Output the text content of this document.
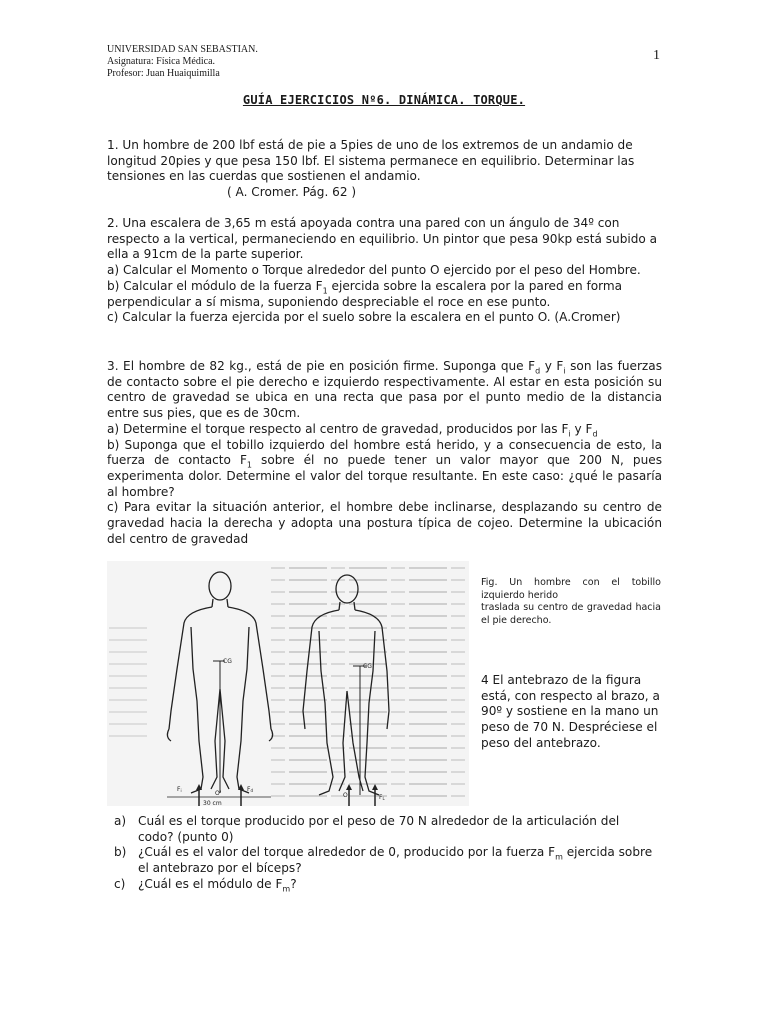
UNIVERSIDAD SAN SEBASTIAN.
Asignatura: Física Médica.
Profesor: Juan Huaiquimilla
1
GUÍA EJERCICIOS Nº6. DINÁMICA. TORQUE.

1. Un hombre de 200 lbf está de pie a 5pies de uno de los extremos de un andamio de longitud 20pies y que pesa 150 lbf. El sistema permanece en equilibrio. Determinar las tensiones en las cuerdas que sostienen el andamio.

( A. Cromer. Pág. 62 )

2. Una escalera de 3,65 m está apoyada contra una pared con un ángulo de 34º con respecto a la vertical, permaneciendo en equilibrio. Un pintor que pesa 90kp está subido a ella a 91cm de la parte superior.

a) Calcular el Momento o Torque alrededor del punto O ejercido por el peso del Hombre.

b) Calcular el módulo de la fuerza $F_1$ ejercida sobre la escalera por la pared en forma perpendicular a sí misma, suponiendo despreciable el roce en ese punto.

c) Calcular la fuerza ejercida por el suelo sobre la escalera en el punto O. (A.Cromer)

3. El hombre de 82 kg., está de pie en posición firme. Suponga que $F_d$ y $F_i$ son las fuerzas de contacto sobre el pie derecho e izquierdo respectivamente. Al estar en esta posición su centro de gravedad se ubica en una recta que pasa por el punto medio de la distancia entre sus pies, que es de 30cm.

a) Determine el torque respecto al centro de gravedad, producidos por las $F_i$ y $F_d$

b) Suponga que el tobillo izquierdo del hombre está herido, y a consecuencia de esto, la fuerza de contacto $F_1$ sobre él no puede tener un valor mayor que 200 N, pues experimenta dolor. Determine el valor del torque resultante. En este caso: ¿qué le pasaría al hombre?

c) Para evitar la situación anterior, el hombre debe inclinarse, desplazando su centro de gravedad hacia la derecha y adopta una postura típica de cojeo. Determine la ubicación del centro de gravedad

CG
O'
30 cm
Fi	Fd
CG
O	FL
Fig. Un hombre con el tobillo izquierdo herido
traslada su centro de gravedad hacia el pie derecho.
4 El antebrazo de la figura está, con respecto al brazo, a 90º y sostiene en la mano un peso de 70 N. Despréciese el peso del antebrazo.
a) Cuál es el torque producido por el peso de 70 N alrededor de la articulación del codo? (punto 0)
b) ¿Cuál es el valor del torque alrededor de 0, producido por la fuerza $F_m$ ejercida sobre el antebrazo por el bíceps?
c)	¿Cuál es el módulo de $F_m$?
